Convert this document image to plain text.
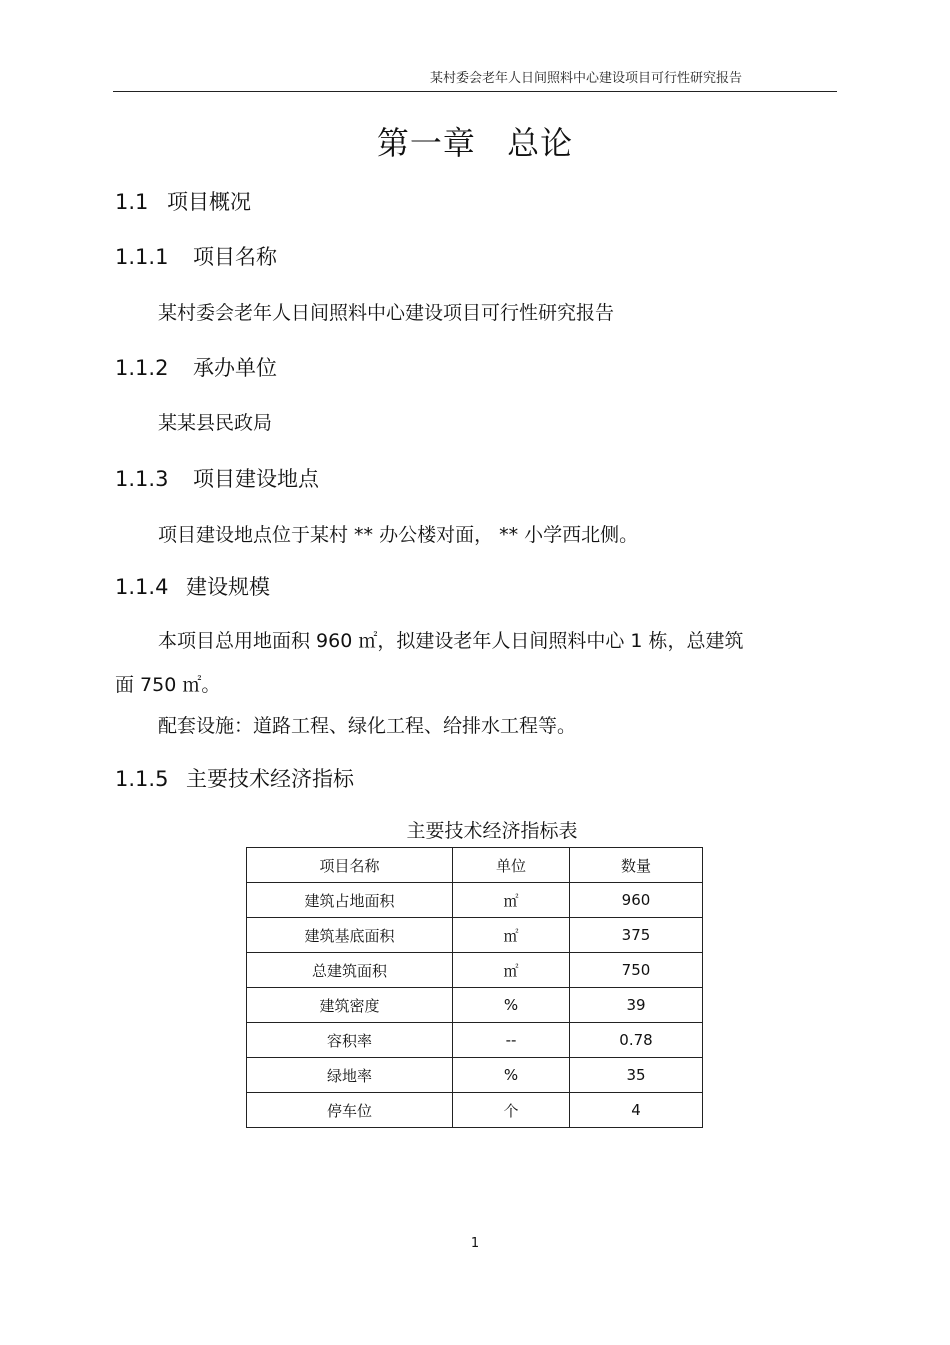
某村委会老年人日间照料中心建设项目可行性研究报告
第一章 总论
1.1 项目概况
1.1.1 项目名称
某村委会老年人日间照料中心建设项目可行性研究报告
1.1.2 承办单位
某某县民政局
1.1.3 项目建设地点
项目建设地点位于某村 ** 办公楼对面， ** 小学西北侧。
1.1.4 建设规模
本项目总用地面积 960 ㎡，拟建设老年人日间照料中心 1 栋，总建筑
面 750 ㎡。
配套设施：道路工程、绿化工程、给排水工程等。
1.1.5 主要技术经济指标
主要技术经济指标表
项目名称	单位	数量
建筑占地面积	㎡	960
建筑基底面积	㎡	375
总建筑面积	㎡	750
建筑密度	%	39
容积率	--	0.78
绿地率	%	35
停车位	个	4
1
